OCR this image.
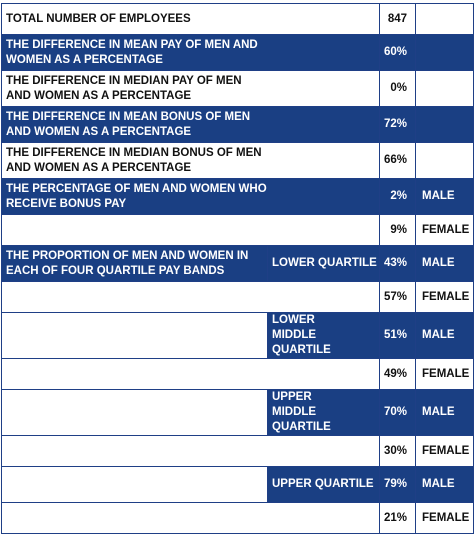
TOTAL NUMBER OF EMPLOYEES		847	

THE DIFFERENCE IN MEAN PAY OF MEN AND WOMEN AS A PERCENTAGE		60%	

THE DIFFERENCE IN MEDIAN PAY OF MEN AND WOMEN AS A PERCENTAGE		0%	

THE DIFFERENCE IN MEAN BONUS OF MEN AND WOMEN AS A PERCENTAGE		72%	

THE DIFFERENCE IN MEDIAN BONUS OF MEN AND WOMEN AS A PERCENTAGE		66%	

THE PERCENTAGE OF MEN AND WOMEN WHO RECEIVE BONUS PAY		2%	MALE
		9%	FEMALE

THE PROPORTION OF MEN AND WOMEN IN EACH OF FOUR QUARTILE PAY BANDS	LOWER QUARTILE	43%	MALE
		57%	FEMALE

	LOWER MIDDLE QUARTILE	51%	MALE
		49%	FEMALE

	UPPER MIDDLE QUARTILE	70%	MALE
		30%	FEMALE
	UPPER QUARTILE	79%	MALE
		21%	FEMALE
